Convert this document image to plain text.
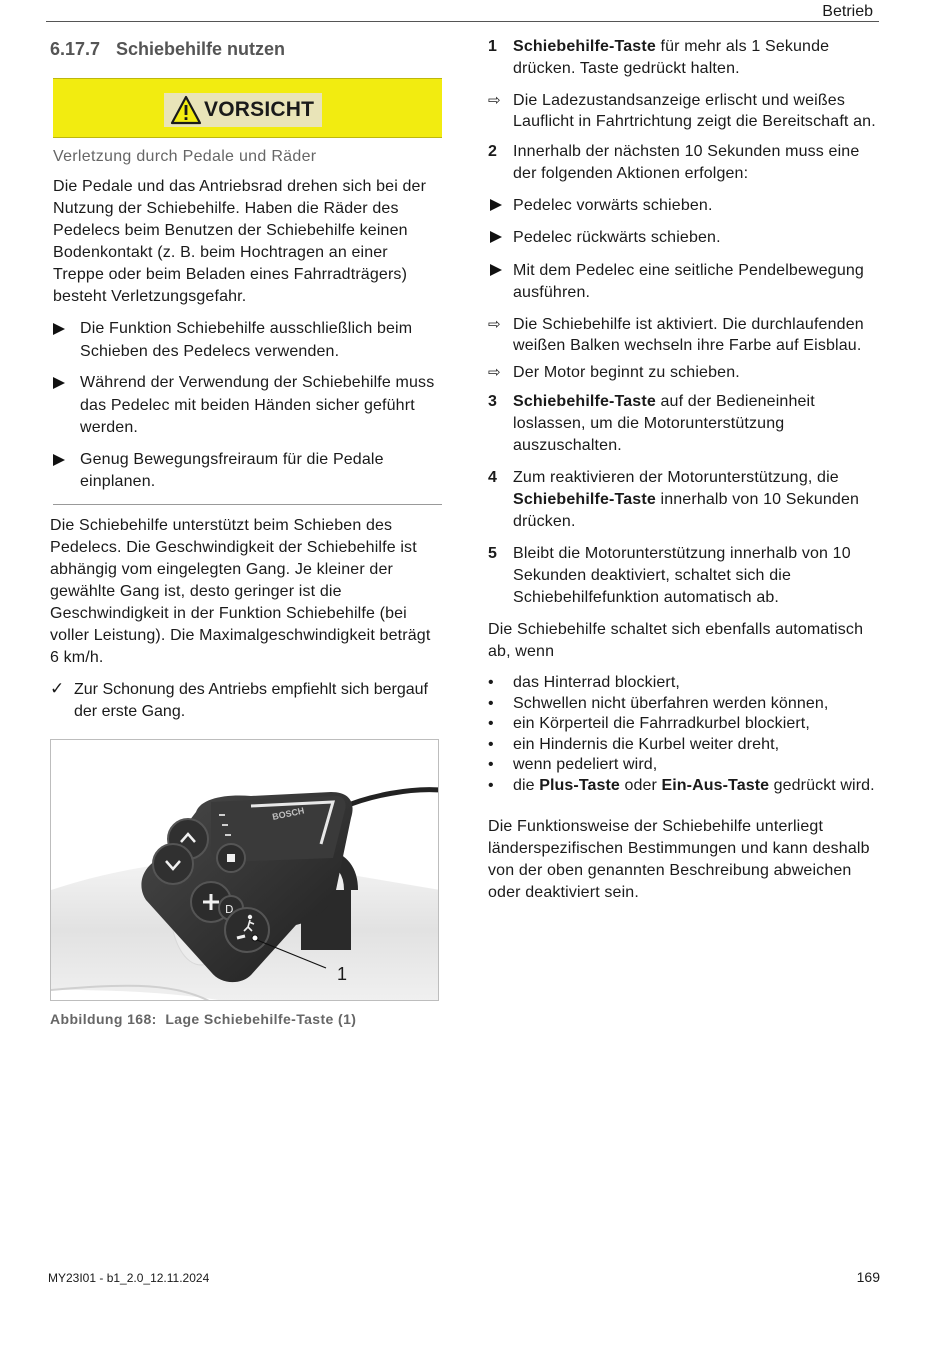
Betrieb
6.17.7 Schiebehilfe nutzen
VORSICHT
Verletzung durch Pedale und Räder
Die Pedale und das Antriebsrad drehen sich bei der Nutzung der Schiebehilfe. Haben die Räder des Pedelecs beim Benutzen der Schiebehilfe keinen Bodenkontakt (z. B. beim Hochtragen an einer Treppe oder beim Beladen eines Fahrradträgers) besteht Verletzungsgefahr.
Die Funktion Schiebehilfe ausschließlich beim Schieben des Pedelecs verwenden.
Während der Verwendung der Schiebehilfe muss das Pedelec mit beiden Händen sicher geführt werden.
Genug Bewegungsfreiraum für die Pedale einplanen.
Die Schiebehilfe unterstützt beim Schieben des Pedelecs. Die Geschwindigkeit der Schiebehilfe ist abhängig vom eingelegten Gang. Je kleiner der gewählte Gang ist, desto geringer ist die Geschwindigkeit in der Funktion Schiebehilfe (bei voller Leistung). Die Maximalgeschwindigkeit beträgt 6 km/h.
✓ Zur Schonung des Antriebs empfiehlt sich bergauf der erste Gang.
BOSCH
D
1
Abbildung 168: Lage Schiebehilfe-Taste (1)
1 Schiebehilfe-Taste für mehr als 1 Sekunde drücken. Taste gedrückt halten.
⇨ Die Ladezustandsanzeige erlischt und weißes Lauflicht in Fahrtrichtung zeigt die Bereitschaft an.
2 Innerhalb der nächsten 10 Sekunden muss eine der folgenden Aktionen erfolgen:
Pedelec vorwärts schieben.
Pedelec rückwärts schieben.
Mit dem Pedelec eine seitliche Pendelbewegung ausführen.
⇨ Die Schiebehilfe ist aktiviert. Die durchlaufenden weißen Balken wechseln ihre Farbe auf Eisblau.
⇨ Der Motor beginnt zu schieben.
3 Schiebehilfe-Taste auf der Bedieneinheit loslassen, um die Motorunterstützung auszuschalten.
4 Zum reaktivieren der Motorunterstützung, die Schiebehilfe-Taste innerhalb von 10 Sekunden drücken.
5 Bleibt die Motorunterstützung innerhalb von 10 Sekunden deaktiviert, schaltet sich die Schiebehilfefunktion automatisch ab.
Die Schiebehilfe schaltet sich ebenfalls automatisch ab, wenn
• das Hinterrad blockiert,
• Schwellen nicht überfahren werden können,
• ein Körperteil die Fahrradkurbel blockiert,
• ein Hindernis die Kurbel weiter dreht,
• wenn pedeliert wird,
• die Plus-Taste oder Ein-Aus-Taste gedrückt wird.
Die Funktionsweise der Schiebehilfe unterliegt länderspezifischen Bestimmungen und kann deshalb von der oben genannten Beschreibung abweichen oder deaktiviert sein.
MY23I01 - b1_2.0_12.11.2024	169
